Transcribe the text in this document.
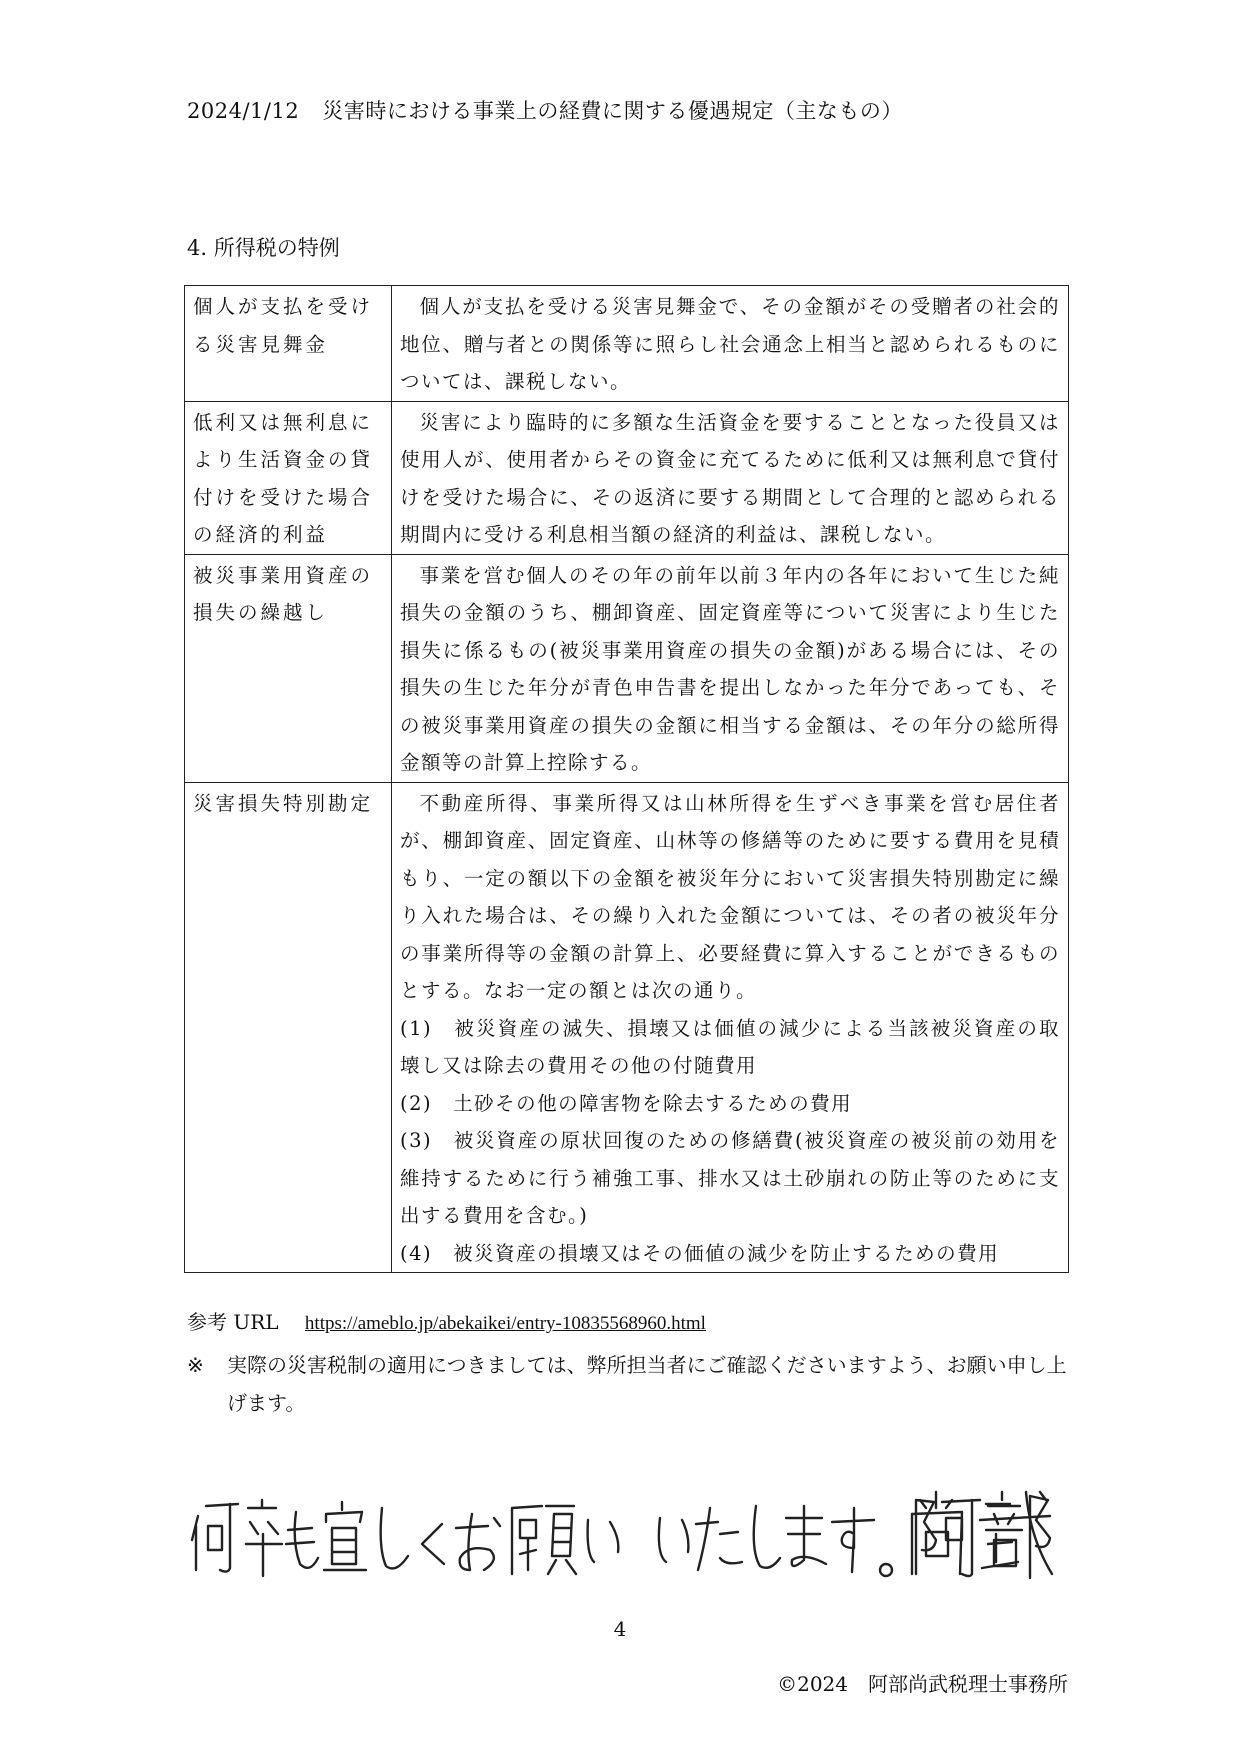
2024/1/12 災害時における事業上の経費に関する優遇規定（主なもの）
4. 所得税の特例
個人が支払を受ける災害見舞金	個人が支払を受ける災害見舞金で、その金額がその受贈者の社会的地位、贈与者との関係等に照らし社会通念上相当と認められるものについては、課税しない。
低利又は無利息により生活資金の貸付けを受けた場合の経済的利益	災害により臨時的に多額な生活資金を要することとなった役員又は使用人が、使用者からその資金に充てるために低利又は無利息で貸付けを受けた場合に、その返済に要する期間として合理的と認められる期間内に受ける利息相当額の経済的利益は、課税しない。
被災事業用資産の損失の繰越し	事業を営む個人のその年の前年以前３年内の各年において生じた純損失の金額のうち、棚卸資産、固定資産等について災害により生じた損失に係るもの(被災事業用資産の損失の金額)がある場合には、その損失の生じた年分が青色申告書を提出しなかった年分であっても、その被災事業用資産の損失の金額に相当する金額は、その年分の総所得金額等の計算上控除する。
災害損失特別勘定	不動産所得、事業所得又は山林所得を生ずべき事業を営む居住者が、棚卸資産、固定資産、山林等の修繕等のために要する費用を見積もり、一定の額以下の金額を被災年分において災害損失特別勘定に繰り入れた場合は、その繰り入れた金額については、その者の被災年分の事業所得等の金額の計算上、必要経費に算入することができるものとする。なお一定の額とは次の通り。
(1)　被災資産の滅失、損壊又は価値の減少による当該被災資産の取壊し又は除去の費用その他の付随費用
(2)　土砂その他の障害物を除去するための費用
(3)　被災資産の原状回復のための修繕費(被災資産の被災前の効用を維持するために行う補強工事、排水又は土砂崩れの防止等のために支出する費用を含む。)
(4)　被災資産の損壊又はその価値の減少を防止するための費用
参考 URL https://ameblo.jp/abekaikei/entry-10835568960.html
※ 実際の災害税制の適用につきましては、弊所担当者にご確認くださいますよう、お願い申し上げます。
4
©2024　阿部尚武税理士事務所
